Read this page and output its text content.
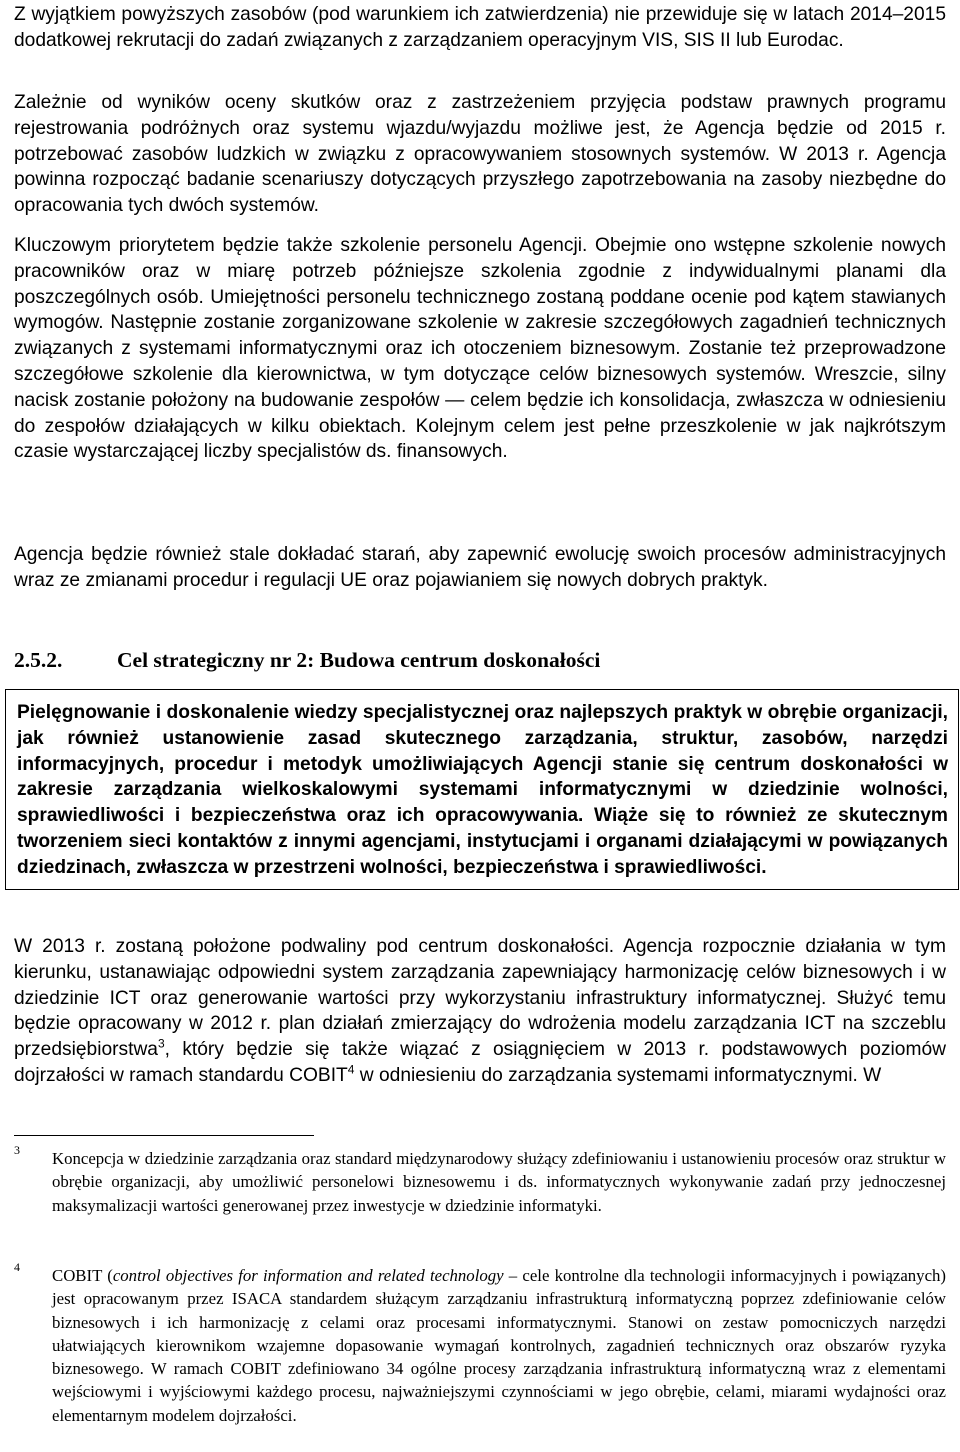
Z wyjątkiem powyższych zasobów (pod warunkiem ich zatwierdzenia) nie przewiduje się w latach 2014–2015 dodatkowej rekrutacji do zadań związanych z zarządzaniem operacyjnym VIS, SIS II lub Eurodac.

Zależnie od wyników oceny skutków oraz z zastrzeżeniem przyjęcia podstaw prawnych programu rejestrowania podróżnych oraz systemu wjazdu/wyjazdu możliwe jest, że Agencja będzie od 2015 r. potrzebować zasobów ludzkich w związku z opracowywaniem stosownych systemów. W 2013 r. Agencja powinna rozpocząć badanie scenariuszy dotyczących przyszłego zapotrzebowania na zasoby niezbędne do opracowania tych dwóch systemów.

Kluczowym priorytetem będzie także szkolenie personelu Agencji. Obejmie ono wstępne szkolenie nowych pracowników oraz w miarę potrzeb późniejsze szkolenia zgodnie z indywidualnymi planami dla poszczególnych osób. Umiejętności personelu technicznego zostaną poddane ocenie pod kątem stawianych wymogów. Następnie zostanie zorganizowane szkolenie w zakresie szczegółowych zagadnień technicznych związanych z systemami informatycznymi oraz ich otoczeniem biznesowym. Zostanie też przeprowadzone szczegółowe szkolenie dla kierownictwa, w tym dotyczące celów biznesowych systemów. Wreszcie, silny nacisk zostanie położony na budowanie zespołów — celem będzie ich konsolidacja, zwłaszcza w odniesieniu do zespołów działających w kilku obiektach. Kolejnym celem jest pełne przeszkolenie w jak najkrótszym czasie wystarczającej liczby specjalistów ds. finansowych.

Agencja będzie również stale dokładać starań, aby zapewnić ewolucję swoich procesów administracyjnych wraz ze zmianami procedur i regulacji UE oraz pojawianiem się nowych dobrych praktyk.

2.5.2.	Cel strategiczny nr 2: Budowa centrum doskonałości
Pielęgnowanie i doskonalenie wiedzy specjalistycznej oraz najlepszych praktyk w obrębie organizacji, jak również ustanowienie zasad skutecznego zarządzania, struktur, zasobów, narzędzi informacyjnych, procedur i metodyk umożliwiających Agencji stanie się centrum doskonałości w zakresie zarządzania wielkoskalowymi systemami informatycznymi w dziedzinie wolności, sprawiedliwości i bezpieczeństwa oraz ich opracowywania. Wiąże się to również ze skutecznym tworzeniem sieci kontaktów z innymi agencjami, instytucjami i organami działającymi w powiązanych dziedzinach, zwłaszcza w przestrzeni wolności, bezpieczeństwa i sprawiedliwości.

W 2013 r. zostaną położone podwaliny pod centrum doskonałości. Agencja rozpocznie działania w tym kierunku, ustanawiając odpowiedni system zarządzania zapewniający harmonizację celów biznesowych i w dziedzinie ICT oraz generowanie wartości przy wykorzystaniu infrastruktury informatycznej. Służyć temu będzie opracowany w 2012 r. plan działań zmierzający do wdrożenia modelu zarządzania ICT na szczeblu przedsiębiorstwa$^3$, który będzie się także wiązać z osiągnięciem w 2013 r. podstawowych poziomów dojrzałości w ramach standardu COBIT$^4$ w odniesieniu do zarządzania systemami informatycznymi. W

3	Koncepcja w dziedzinie zarządzania oraz standard międzynarodowy służący zdefiniowaniu i ustanowieniu procesów oraz struktur w obrębie organizacji, aby umożliwić personelowi biznesowemu i ds. informatycznych wykonywanie zadań przy jednoczesnej maksymalizacji wartości generowanej przez inwestycje w dziedzinie informatyki.
4	COBIT (control objectives for information and related technology – cele kontrolne dla technologii informacyjnych i powiązanych) jest opracowanym przez ISACA standardem służącym zarządzaniu infrastrukturą informatyczną poprzez zdefiniowanie celów biznesowych i ich harmonizację z celami oraz procesami informatycznymi. Stanowi on zestaw pomocniczych narzędzi ułatwiających kierownikom wzajemne dopasowanie wymagań kontrolnych, zagadnień technicznych oraz obszarów ryzyka biznesowego. W ramach COBIT zdefiniowano 34 ogólne procesy zarządzania infrastrukturą informatyczną wraz z elementami wejściowymi i wyjściowymi każdego procesu, najważniejszymi czynnościami w jego obrębie, celami, miarami wydajności oraz elementarnym modelem dojrzałości.
